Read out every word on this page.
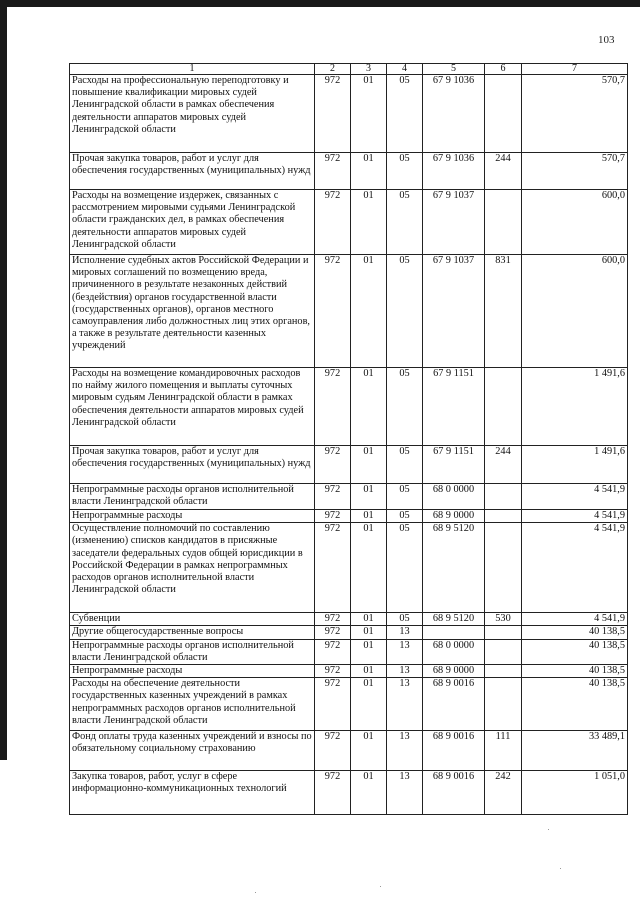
103
1	2	3	4	5	6	7
Расходы на профессиональную переподготовку и повышение квалификации мировых судей Ленинградской области в рамках обеспечения деятельности аппаратов мировых судей Ленинградской области	972	01	05	67 9 1036		570,7
Прочая закупка товаров, работ и услуг для обеспечения государственных (муниципальных) нужд	972	01	05	67 9 1036	244	570,7
Расходы на возмещение издержек, связанных с рассмотрением мировыми судьями Ленинградской области гражданских дел, в рамках обеспечения деятельности аппаратов мировых судей Ленинградской области	972	01	05	67 9 1037		600,0
Исполнение судебных актов Российской Федерации и мировых соглашений по возмещению вреда, причиненного в результате незаконных действий (бездействия) органов государственной власти (государственных органов), органов местного самоуправления либо должностных лиц этих органов, а также в результате деятельности казенных учреждений	972	01	05	67 9 1037	831	600,0
Расходы на возмещение командировочных расходов по найму жилого помещения и выплаты суточных мировым судьям Ленинградской области в рамках обеспечения деятельности аппаратов мировых судей Ленинградской области	972	01	05	67 9 1151		1 491,6
Прочая закупка товаров, работ и услуг для обеспечения государственных (муниципальных) нужд	972	01	05	67 9 1151	244	1 491,6
Непрограммные расходы органов исполнительной власти Ленинградской области	972	01	05	68 0 0000		4 541,9
Непрограммные расходы	972	01	05	68 9 0000		4 541,9
Осуществление полномочий по составлению (изменению) списков кандидатов в присяжные заседатели федеральных судов общей юрисдикции в Российской Федерации в рамках непрограммных расходов органов исполнительной власти Ленинградской области	972	01	05	68 9 5120		4 541,9
Субвенции	972	01	05	68 9 5120	530	4 541,9
Другие общегосударственные вопросы	972	01	13			40 138,5
Непрограммные расходы органов исполнительной власти Ленинградской области	972	01	13	68 0 0000		40 138,5
Непрограммные расходы	972	01	13	68 9 0000		40 138,5
Расходы на обеспечение деятельности государственных казенных учреждений в рамках непрограммных расходов органов исполнительной власти Ленинградской области	972	01	13	68 9 0016		40 138,5
Фонд оплаты труда казенных учреждений и взносы по обязательному социальному страхованию	972	01	13	68 9 0016	111	33 489,1
Закупка товаров, работ, услуг в сфере информационно-коммуникационных технологий	972	01	13	68 9 0016	242	1 051,0
